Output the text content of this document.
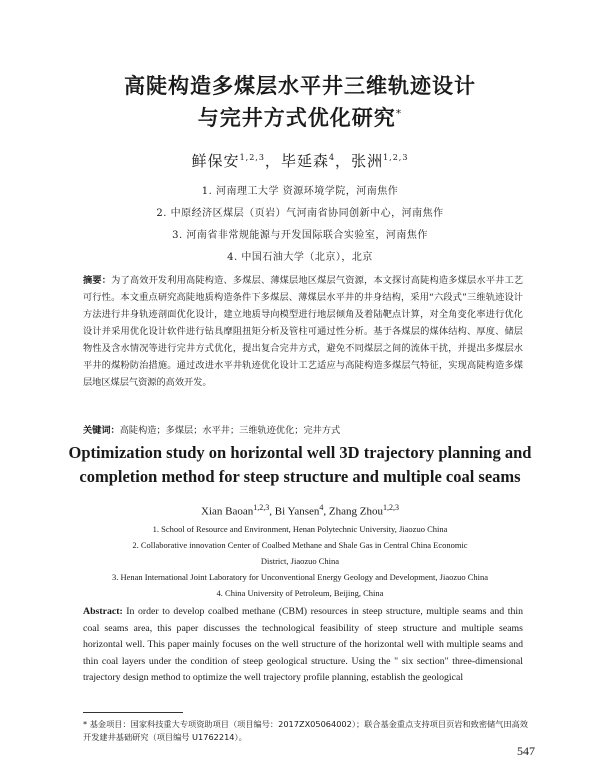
高陡构造多煤层水平井三维轨迹设计
与完井方式优化研究*
鲜保安$^{1,2,3}$，毕延森$^4$，张洲$^{1,2,3}$
1. 河南理工大学 资源环境学院，河南焦作
2. 中原经济区煤层（页岩）气河南省协同创新中心，河南焦作
3. 河南省非常规能源与开发国际联合实验室，河南焦作
4. 中国石油大学（北京），北京
摘要：为了高效开发利用高陡构造、多煤层、薄煤层地区煤层气资源，本文探讨高陡构造多煤层水平井工艺可行性。本文重点研究高陡地质构造条件下多煤层、薄煤层水平井的井身结构，采用“六段式”三维轨迹设计方法进行井身轨迹剖面优化设计，建立地质导向模型进行地层倾角及着陆靶点计算，对全角变化率进行优化设计并采用优化设计软件进行钻具摩阻扭矩分析及管柱可通过性分析。基于各煤层的煤体结构、厚度、储层物性及含水情况等进行完井方式优化，提出复合完井方式，避免不同煤层之间的流体干扰，并提出多煤层水平井的煤粉防治措施。通过改进水平井轨迹优化设计工艺适应与高陡构造多煤层气特征，实现高陡构造多煤层地区煤层气资源的高效开发。
关键词：高陡构造；多煤层；水平井；三维轨迹优化；完井方式
Optimization study on horizontal well 3D trajectory planning and completion method for steep structure and multiple coal seams
Xian Baoan$^{1,2,3}$, Bi Yansen$^4$, Zhang Zhou$^{1,2,3}$
1. School of Resource and Environment, Henan Polytechnic University, Jiaozuo China
2. Collaborative innovation Center of Coalbed Methane and Shale Gas in Central China Economic
District, Jiaozuo China
3. Henan International Joint Laboratory for Unconventional Energy Geology and Development, Jiaozuo China
4. China University of Petroleum, Beijing, China
Abstract: In order to develop coalbed methane (CBM) resources in steep structure, multiple seams and thin coal seams area, this paper discusses the technological feasibility of steep structure and multiple seams horizontal well. This paper mainly focuses on the well structure of the horizontal well with multiple seams and thin coal layers under the condition of steep geological structure. Using the " six section" three-dimensional trajectory design method to optimize the well trajectory profile planning, establish the geological
* 基金项目：国家科技重大专项资助项目（项目编号：2017ZX05064002）；联合基金重点支持项目页岩和致密储气田高效开发建井基础研究（项目编号 U1762214）。
547
